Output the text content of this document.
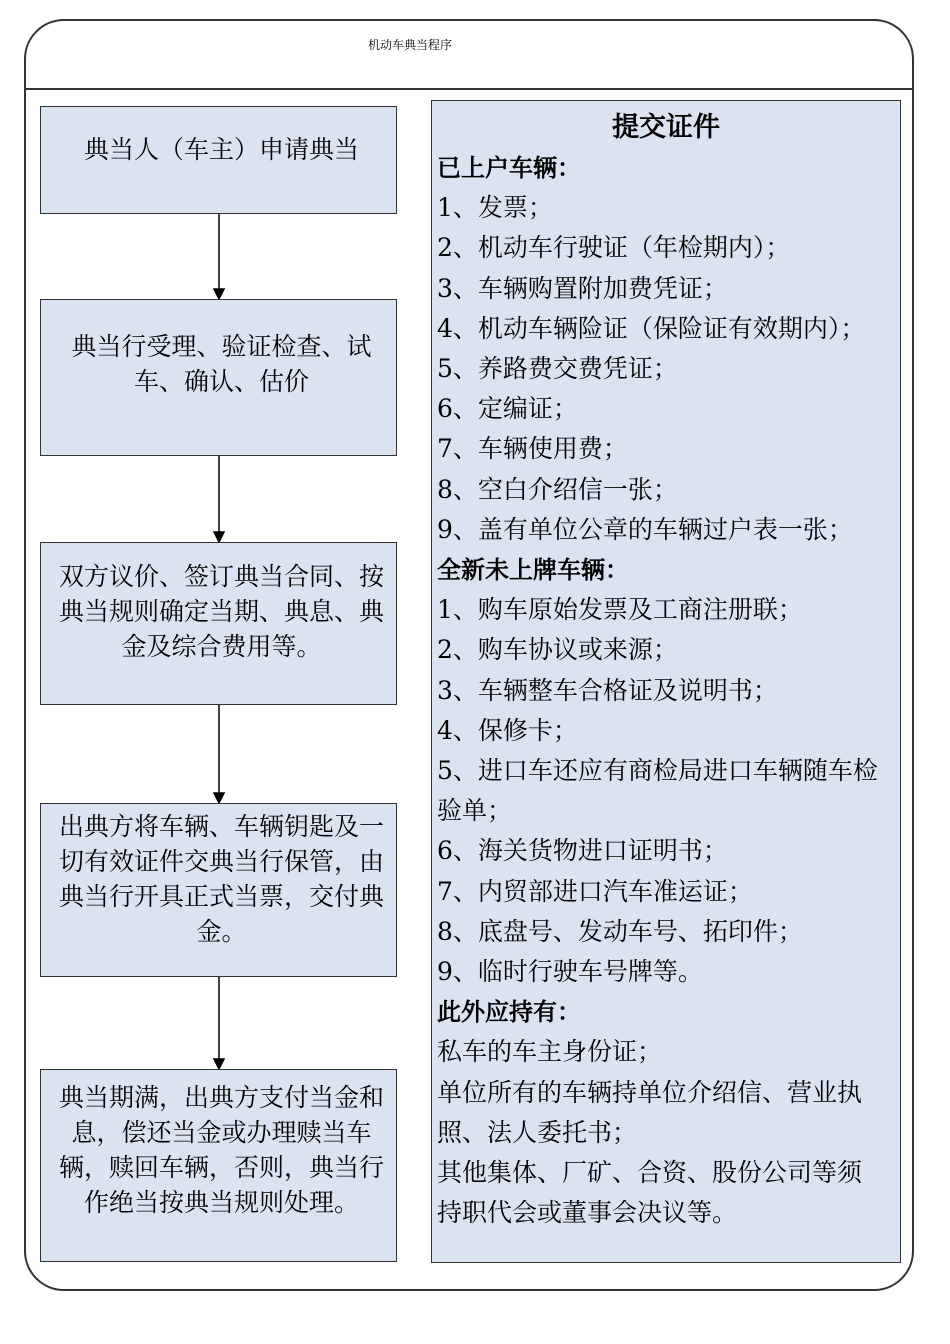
机动车典当程序
典当人（车主）申请典当
典当行受理、验证检查、试
车、确认、估价
双方议价、签订典当合同、按
典当规则确定当期、典息、典
金及综合费用等。
出典方将车辆、车辆钥匙及一
切有效证件交典当行保管，由
典当行开具正式当票，交付典
金。
典当期满，出典方支付当金和
息，偿还当金或办理赎当车
辆，赎回车辆，否则，典当行
作绝当按典当规则处理。
提交证件
已上户车辆：
1、发票；
2、机动车行驶证（年检期内）；
3、车辆购置附加费凭证；
4、机动车辆险证（保险证有效期内）；
5、养路费交费凭证；
6、定编证；
7、车辆使用费；
8、空白介绍信一张；
9、盖有单位公章的车辆过户表一张；
全新未上牌车辆：
1、购车原始发票及工商注册联；
2、购车协议或来源；
3、车辆整车合格证及说明书；
4、保修卡；
5、进口车还应有商检局进口车辆随车检
验单；
6、海关货物进口证明书；
7、内贸部进口汽车准运证；
8、底盘号、发动车号、拓印件；
9、临时行驶车号牌等。
此外应持有：
私车的车主身份证；
单位所有的车辆持单位介绍信、营业执
照、法人委托书；
其他集体、厂矿、合资、股份公司等须
持职代会或董事会决议等。
